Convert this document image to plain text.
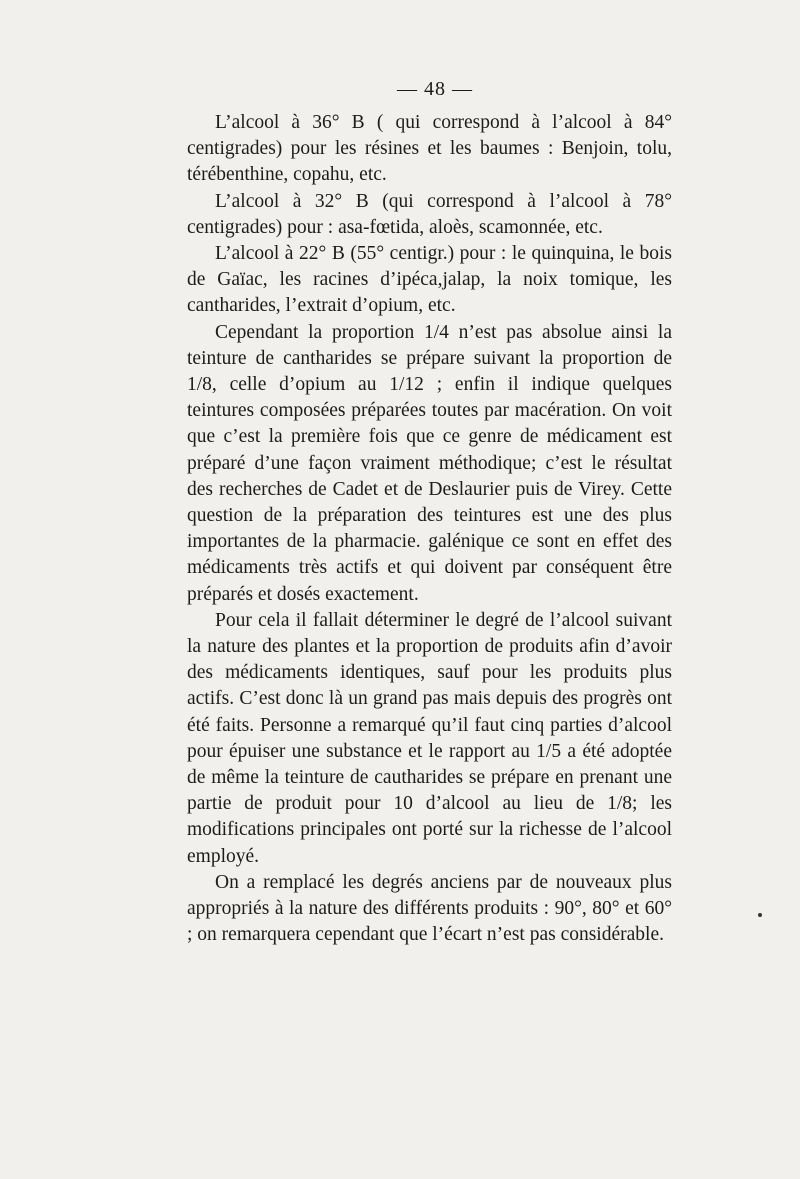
— 48 —

L’alcool à 36° B ( qui correspond à l’alcool à 84° centigrades) pour les résines et les baumes : Benjoin, tolu, térébenthine, copahu, etc.

L’alcool à 32° B (qui correspond à l’alcool à 78° centigrades) pour : asa-fœtida, aloès, scamonnée, etc.

L’alcool à 22° B (55° centigr.) pour : le quinquina, le bois de Gaïac, les racines d’ipéca,jalap, la noix tomique, les cantharides, l’extrait d’opium, etc.

Cependant la proportion 1/4 n’est pas absolue ainsi la teinture de cantharides se prépare suivant la proportion de 1/8, celle d’opium au 1/12 ; enfin il indique quelques teintures composées préparées toutes par macération. On voit que c’est la première fois que ce genre de médicament est préparé d’une façon vraiment méthodique; c’est le résultat des recherches de Cadet et de Deslaurier puis de Virey. Cette question de la préparation des teintures est une des plus importantes de la pharmacie. galénique ce sont en effet des médicaments très actifs et qui doivent par conséquent être préparés et dosés exactement.

Pour cela il fallait déterminer le degré de l’alcool suivant la nature des plantes et la proportion de produits afin d’avoir des médicaments identiques, sauf pour les produits plus actifs. C’est donc là un grand pas mais depuis des progrès ont été faits. Personne a remarqué qu’il faut cinq parties d’alcool pour épuiser une substance et le rapport au 1/5 a été adoptée de même la teinture de cautharides se prépare en prenant une partie de produit pour 10 d’alcool au lieu de 1/8; les modifications principales ont porté sur la richesse de l’alcool employé.

On a remplacé les degrés anciens par de nouveaux plus appropriés à la nature des différents produits : 90°, 80° et 60° ; on remarquera cependant que l’écart n’est pas considérable.
